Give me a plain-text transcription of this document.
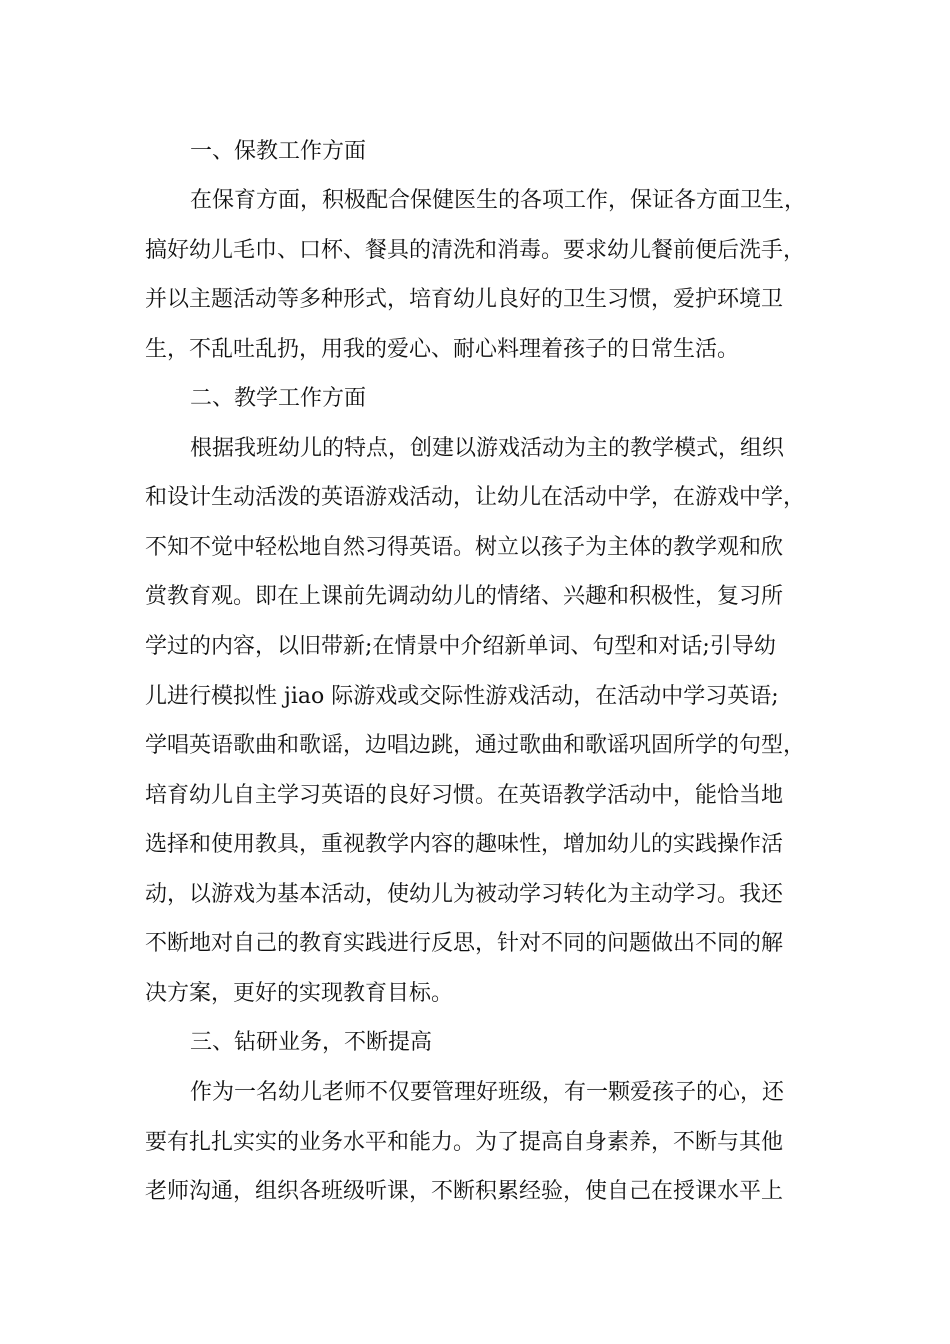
一、保教工作方面
在保育方面，积极配合保健医生的各项工作，保证各方面卫生，
搞好幼儿毛巾、口杯、餐具的清洗和消毒。要求幼儿餐前便后洗手，
并以主题活动等多种形式，培育幼儿良好的卫生习惯，爱护环境卫
生，不乱吐乱扔，用我的爱心、耐心料理着孩子的日常生活。
二、教学工作方面
根据我班幼儿的特点，创建以游戏活动为主的教学模式，组织
和设计生动活泼的英语游戏活动，让幼儿在活动中学，在游戏中学，
不知不觉中轻松地自然习得英语。树立以孩子为主体的教学观和欣
赏教育观。即在上课前先调动幼儿的情绪、兴趣和积极性，复习所
学过的内容，以旧带新;在情景中介绍新单词、句型和对话;引导幼
儿进行模拟性 jiao 际游戏或交际性游戏活动，在活动中学习英语;
学唱英语歌曲和歌谣，边唱边跳，通过歌曲和歌谣巩固所学的句型，
培育幼儿自主学习英语的良好习惯。在英语教学活动中，能恰当地
选择和使用教具，重视教学内容的趣味性，增加幼儿的实践操作活
动，以游戏为基本活动，使幼儿为被动学习转化为主动学习。我还
不断地对自己的教育实践进行反思，针对不同的问题做出不同的解
决方案，更好的实现教育目标。
三、钻研业务，不断提高
作为一名幼儿老师不仅要管理好班级，有一颗爱孩子的心，还
要有扎扎实实的业务水平和能力。为了提高自身素养，不断与其他
老师沟通，组织各班级听课，不断积累经验，使自己在授课水平上
